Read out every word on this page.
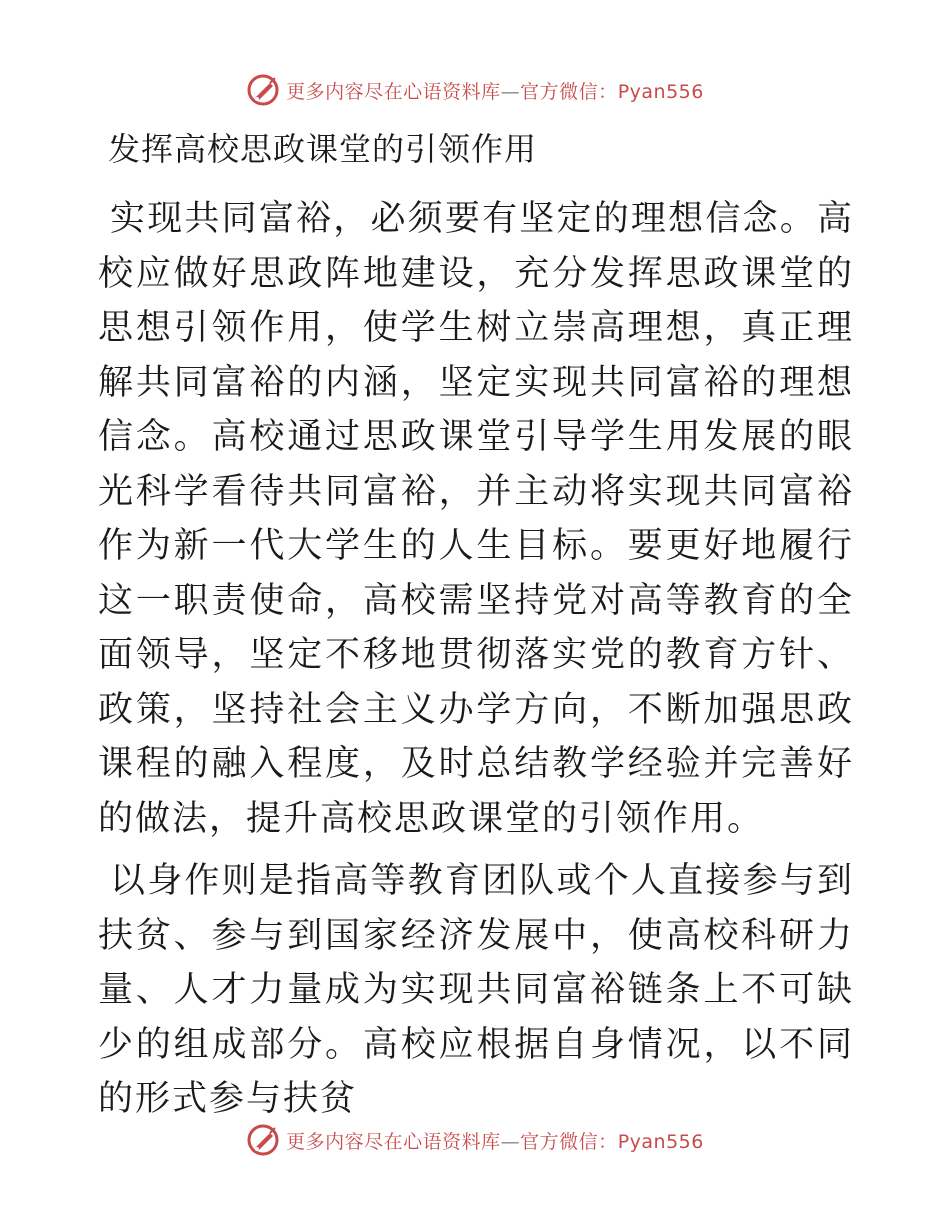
更多内容尽在心语资料库—官方微信：Pyan556
发挥高校思政课堂的引领作用

实现共同富裕，必须要有坚定的理想信念。高校应做好思政阵地建设，充分发挥思政课堂的思想引领作用，使学生树立崇高理想，真正理解共同富裕的内涵，坚定实现共同富裕的理想信念。高校通过思政课堂引导学生用发展的眼光科学看待共同富裕，并主动将实现共同富裕作为新一代大学生的人生目标。要更好地履行这一职责使命，高校需坚持党对高等教育的全面领导，坚定不移地贯彻落实党的教育方针、政策，坚持社会主义办学方向，不断加强思政课程的融入程度，及时总结教学经验并完善好的做法，提升高校思政课堂的引领作用。

以身作则是指高等教育团队或个人直接参与到扶贫、参与到国家经济发展中，使高校科研力量、人才力量成为实现共同富裕链条上不可缺少的组成部分。高校应根据自身情况，以不同的形式参与扶贫

更多内容尽在心语资料库—官方微信：Pyan556
